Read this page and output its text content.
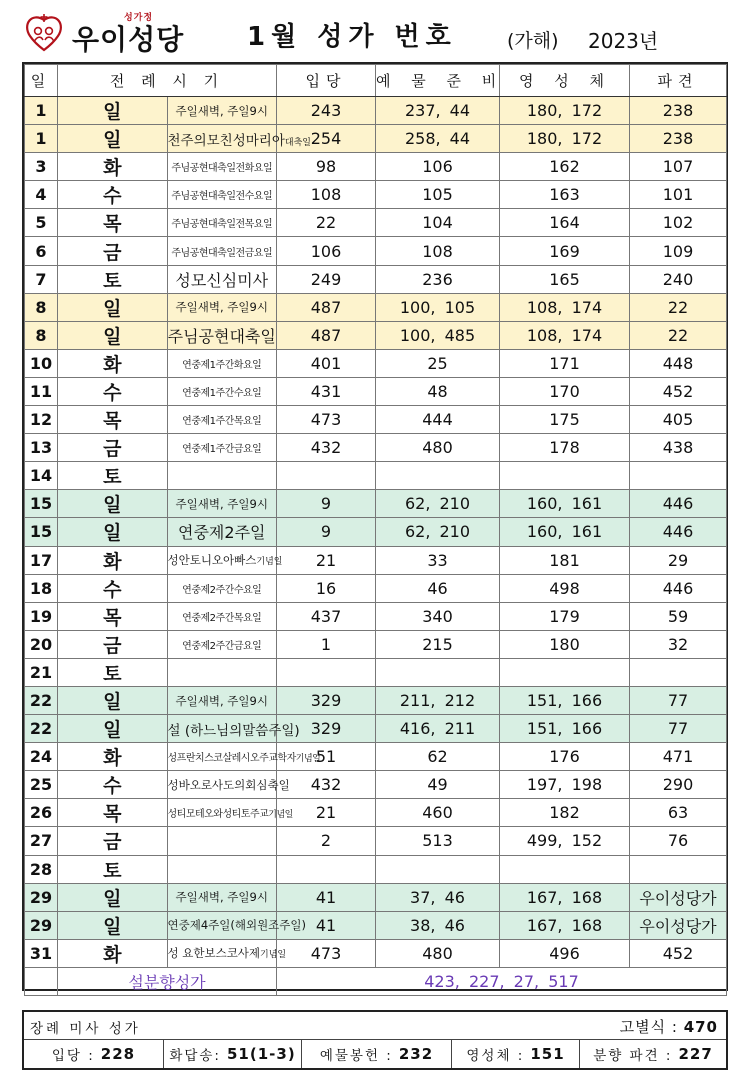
성가정
우이성당 1월 성가 번호	(가해) 2023년
일	전 례 시 기		입당	예 물 준 비	영 성 체	파견
1	일	주일새벽, 주일9시	243	237, 44	180, 172	238
1	일	천주의모친성마리아대축일	254	258, 44	180, 172	238
3	화	주님공현대축일전화요일	98	106	162	107
4	수	주님공현대축일전수요일	108	105	163	101
5	목	주님공현대축일전목요일	22	104	164	102
6	금	주님공현대축일전금요일	106	108	169	109
7	토	성모신심미사	249	236	165	240
8	일	주일새벽, 주일9시	487	100, 105	108, 174	22
8	일	주님공현대축일	487	100, 485	108, 174	22
10	화	연중제1주간화요일	401	25	171	448
11	수	연중제1주간수요일	431	48	170	452
12	목	연중제1주간목요일	473	444	175	405
13	금	연중제1주간금요일	432	480	178	438
14	토					
15	일	주일새벽, 주일9시	9	62, 210	160, 161	446
15	일	연중제2주일	9	62, 210	160, 161	446
17	화	성안토니오아빠스기념일	21	33	181	29
18	수	연중제2주간수요일	16	46	498	446
19	목	연중제2주간목요일	437	340	179	59
20	금	연중제2주간금요일	1	215	180	32
21	토					
22	일	주일새벽, 주일9시	329	211, 212	151, 166	77
22	일	설 (하느님의말씀주일)	329	416, 211	151, 166	77
24	화	성프란치스코살레시오주교학자기념일	51	62	176	471
25	수	성바오로사도의회심축일	432	49	197, 198	290
26	목	성티모테오와성티토주교기념일	21	460	182	63
27	금		2	513	499, 152	76
28	토					
29	일	주일새벽, 주일9시	41	37, 46	167, 168	우이성당가
29	일	연중제4주일(해외원조주일)	41	38, 46	167, 168	우이성당가
31	화	성 요한보스코사제기념일	473	480	496	452
	설분향성가		423, 227, 27, 517			
장례 미사 성가	고별식 : 470
입당 : 228	화답송: 51(1-3) 예물봉헌 : 232 영성체 : 151 분향 파견 : 227
